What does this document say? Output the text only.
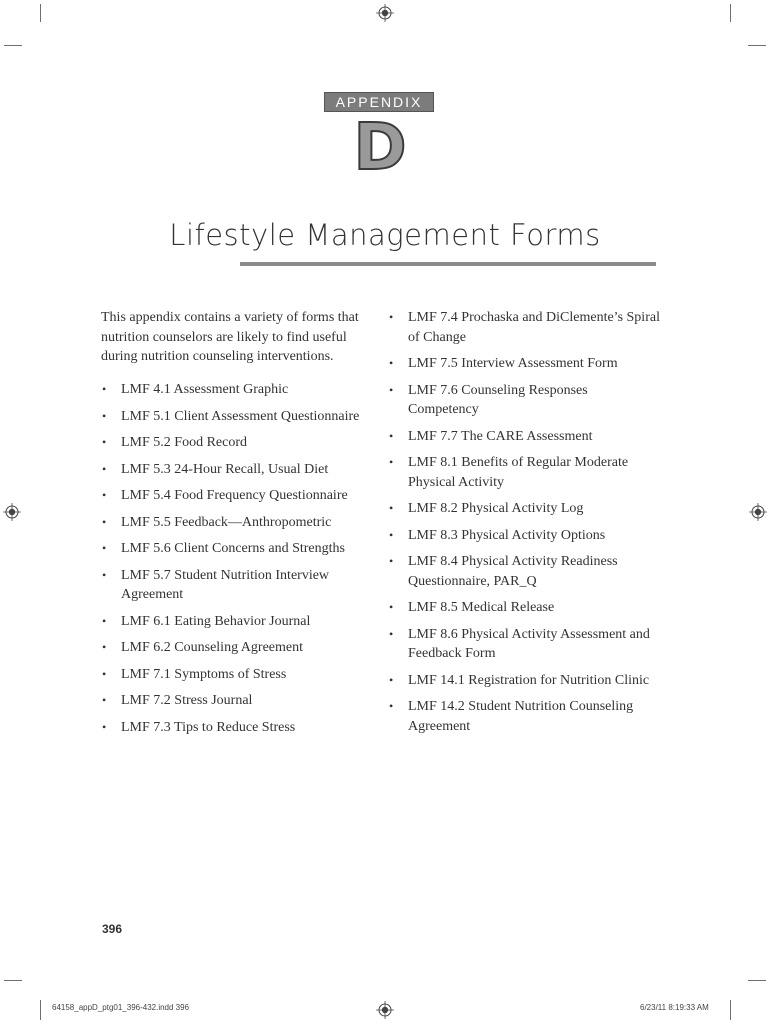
APPENDIX
D
Lifestyle Management Forms
This appendix contains a variety of forms that nutrition counselors are likely to find useful during nutrition counseling interventions.
• LMF 4.1 Assessment Graphic
• LMF 5.1 Client Assessment Questionnaire
• LMF 5.2 Food Record
• LMF 5.3 24-Hour Recall, Usual Diet
• LMF 5.4 Food Frequency Questionnaire
• LMF 5.5 Feedback—Anthropometric
• LMF 5.6 Client Concerns and Strengths
• LMF 5.7 Student Nutrition Interview Agreement
• LMF 6.1 Eating Behavior Journal
• LMF 6.2 Counseling Agreement
• LMF 7.1 Symptoms of Stress
• LMF 7.2 Stress Journal
• LMF 7.3 Tips to Reduce Stress
• LMF 7.4 Prochaska and DiClemente’s Spiral of Change
• LMF 7.5 Interview Assessment Form
• LMF 7.6 Counseling Responses Competency
• LMF 7.7 The CARE Assessment
• LMF 8.1 Benefits of Regular Moderate Physical Activity
• LMF 8.2 Physical Activity Log
• LMF 8.3 Physical Activity Options
• LMF 8.4 Physical Activity Readiness Questionnaire, PAR_Q
• LMF 8.5 Medical Release
• LMF 8.6 Physical Activity Assessment and Feedback Form
• LMF 14.1 Registration for Nutrition Clinic
• LMF 14.2 Student Nutrition Counseling Agreement
396
64158_appD_ptg01_396-432.indd 396	6/23/11 8:19:33 AM
